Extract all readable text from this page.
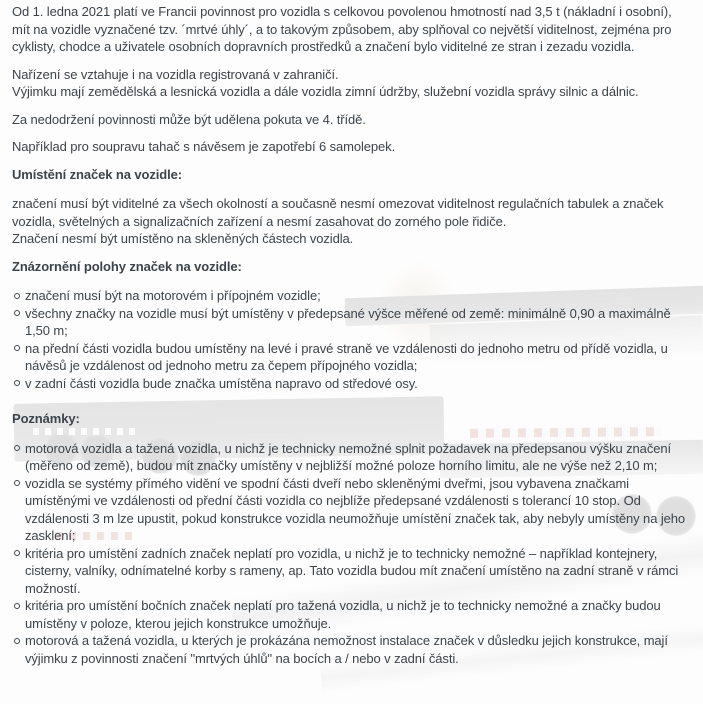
Od 1. ledna 2021 platí ve Francii povinnost pro vozidla s celkovou povolenou hmotností nad 3,5 t (nákladní i osobní), mít na vozidle vyznačené tzv. ´mrtvé úhly´, a to takovým způsobem, aby splňoval co největší viditelnost, zejména pro cyklisty, chodce a uživatele osobních dopravních prostředků a značení bylo viditelné ze stran i zezadu vozidla.
Nařízení se vztahuje i na vozidla registrovaná v zahraničí.
Výjimku mají zemědělská a lesnická vozidla a dále vozidla zimní údržby, služební vozidla správy silnic a dálnic.
Za nedodržení povinnosti může být udělena pokuta ve 4. třídě.
Například pro soupravu tahač s návěsem je zapotřebí 6 samolepek.
Umístění značek na vozidle:
značení musí být viditelné za všech okolností a současně nesmí omezovat viditelnost regulačních tabulek a značek vozidla, světelných a signalizačních zařízení a nesmí zasahovat do zorného pole řidiče.
Značení nesmí být umístěno na skleněných částech vozidla.
Znázornění polohy značek na vozidle:
značení musí být na motorovém i přípojném vozidle;
všechny značky na vozidle musí být umístěny v předepsané výšce měřené od země: minimálně 0,90 a maximálně 1,50 m;
na přední části vozidla budou umístěny na levé i pravé straně ve vzdálenosti do jednoho metru od přídě vozidla, u návěsů je vzdálenost od jednoho metru za čepem přípojného vozidla;
v zadní části vozidla bude značka umístěna napravo od středové osy.
Poznámky:
motorová vozidla a tažená vozidla, u nichž je technicky nemožné splnit požadavek na předepsanou výšku značení (měřeno od země), budou mít značky umístěny v nejbližší možné poloze horního limitu, ale ne výše než 2,10 m;
vozidla se systémy přímého vidění ve spodní části dveří nebo skleněnými dveřmi, jsou vybavena značkami umístěnými ve vzdálenosti od přední části vozidla co nejblíže předepsané vzdálenosti s tolerancí 10 stop. Od vzdálenosti 3 m lze upustit, pokud konstrukce vozidla neumožňuje umístění značek tak, aby nebyly umístěny na jeho zasklení;
kritéria pro umístění zadních značek neplatí pro vozidla, u nichž je to technicky nemožné – například kontejnery, cisterny, valníky, odnímatelné korby s rameny, ap. Tato vozidla budou mít značení umístěno na zadní straně v rámci možností.
kritéria pro umístění bočních značek neplatí pro tažená vozidla, u nichž je to technicky nemožné a značky budou umístěny v poloze, kterou jejich konstrukce umožňuje.
motorová a tažená vozidla, u kterých je prokázána nemožnost instalace značek v důsledku jejich konstrukce, mají výjimku z povinnosti značení "mrtvých úhlů" na bocích a / nebo v zadní části.
